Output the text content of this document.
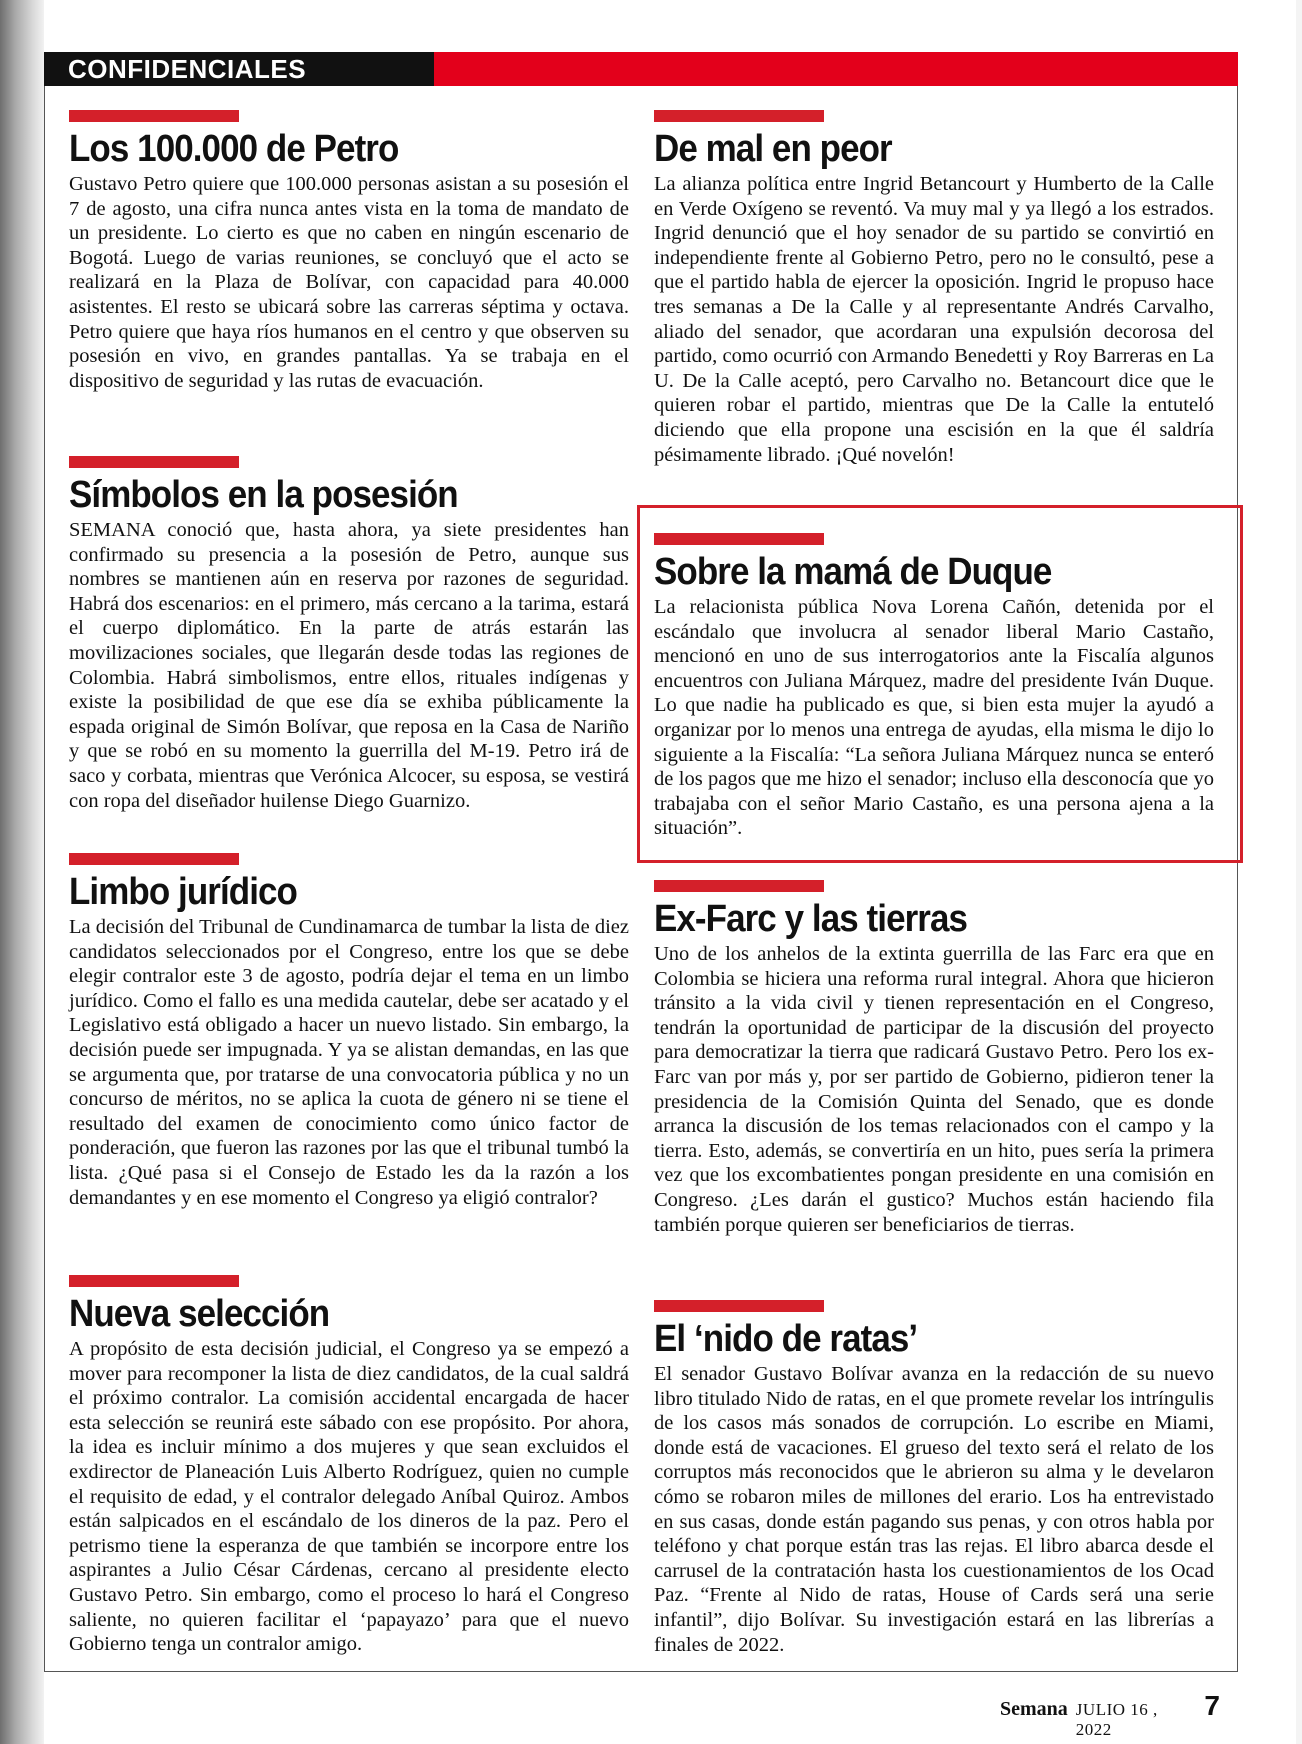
CONFIDENCIALES
Los 100.000 de Petro

Gustavo Petro quiere que 100.000 personas asistan a su posesión el 7 de agosto, una cifra nunca antes vista en la toma de mandato de un presidente. Lo cierto es que no caben en ningún escenario de Bogotá. Luego de varias reuniones, se concluyó que el acto se realizará en la Plaza de Bolívar, con capacidad para 40.000 asistentes. El resto se ubicará sobre las carreras séptima y octava. Petro quiere que haya ríos humanos en el centro y que observen su posesión en vivo, en grandes pantallas. Ya se trabaja en el dispositivo de seguridad y las rutas de evacuación.

Símbolos en la posesión

SEMANA conoció que, hasta ahora, ya siete presidentes han confirmado su presencia a la posesión de Petro, aunque sus nombres se mantienen aún en reserva por razones de seguridad. Habrá dos escenarios: en el primero, más cercano a la tarima, estará el cuerpo diplomático. En la parte de atrás estarán las movilizaciones sociales, que llegarán desde todas las regiones de Colombia. Habrá simbolismos, entre ellos, rituales indígenas y existe la posibilidad de que ese día se exhiba públicamente la espada original de Simón Bolívar, que reposa en la Casa de Nariño y que se robó en su momento la guerrilla del M-19. Petro irá de saco y corbata, mientras que Verónica Alcocer, su esposa, se vestirá con ropa del diseñador huilense Diego Guarnizo.

Limbo jurídico

La decisión del Tribunal de Cundinamarca de tumbar la lista de diez candidatos seleccionados por el Congreso, entre los que se debe elegir contralor este 3 de agosto, podría dejar el tema en un limbo jurídico. Como el fallo es una medida cautelar, debe ser acatado y el Legislativo está obligado a hacer un nuevo listado. Sin embargo, la decisión puede ser impugnada. Y ya se alistan demandas, en las que se argumenta que, por tratarse de una convocatoria pública y no un concurso de méritos, no se aplica la cuota de género ni se tiene el resultado del examen de conocimiento como único factor de ponderación, que fueron las razones por las que el tribunal tumbó la lista. ¿Qué pasa si el Consejo de Estado les da la razón a los demandantes y en ese momento el Congreso ya eligió contralor?

Nueva selección

A propósito de esta decisión judicial, el Congreso ya se empezó a mover para recomponer la lista de diez candidatos, de la cual saldrá el próximo contralor. La comisión accidental encargada de hacer esta selección se reunirá este sábado con ese propósito. Por ahora, la idea es incluir mínimo a dos mujeres y que sean excluidos el exdirector de Planeación Luis Alberto Rodríguez, quien no cumple el requisito de edad, y el contralor delegado Aníbal Quiroz. Ambos están salpicados en el escándalo de los dineros de la paz. Pero el petrismo tiene la esperanza de que también se incorpore entre los aspirantes a Julio César Cárdenas, cercano al presidente electo Gustavo Petro. Sin embargo, como el proceso lo hará el Congreso saliente, no quieren facilitar el ‘papayazo’ para que el nuevo Gobierno tenga un contralor amigo.

De mal en peor

La alianza política entre Ingrid Betancourt y Humberto de la Calle en Verde Oxígeno se reventó. Va muy mal y ya llegó a los estrados. Ingrid denunció que el hoy senador de su partido se convirtió en independiente frente al Gobierno Petro, pero no le consultó, pese a que el partido habla de ejercer la oposición. Ingrid le propuso hace tres semanas a De la Calle y al representante Andrés Carvalho, aliado del senador, que acordaran una expulsión decorosa del partido, como ocurrió con Armando Benedetti y Roy Barreras en La U. De la Calle aceptó, pero Carvalho no. Betancourt dice que le quieren robar el partido, mientras que De la Calle la entuteló diciendo que ella propone una escisión en la que él saldría pésimamente librado. ¡Qué novelón!

Sobre la mamá de Duque

La relacionista pública Nova Lorena Cañón, detenida por el escándalo que involucra al senador liberal Mario Castaño, mencionó en uno de sus interrogatorios ante la Fiscalía algunos encuentros con Juliana Márquez, madre del presidente Iván Duque. Lo que nadie ha publicado es que, si bien esta mujer la ayudó a organizar por lo menos una entrega de ayudas, ella misma le dijo lo siguiente a la Fiscalía: “La señora Juliana Márquez nunca se enteró de los pagos que me hizo el senador; incluso ella desconocía que yo trabajaba con el señor Mario Castaño, es una persona ajena a la situación”.

Ex-Farc y las tierras

Uno de los anhelos de la extinta guerrilla de las Farc era que en Colombia se hiciera una reforma rural integral. Ahora que hicieron tránsito a la vida civil y tienen representación en el Congreso, tendrán la oportunidad de participar de la discusión del proyecto para democratizar la tierra que radicará Gustavo Petro. Pero los ex-Farc van por más y, por ser partido de Gobierno, pidieron tener la presidencia de la Comisión Quinta del Senado, que es donde arranca la discusión de los temas relacionados con el campo y la tierra. Esto, además, se convertiría en un hito, pues sería la primera vez que los excombatientes pongan presidente en una comisión en Congreso. ¿Les darán el gustico? Muchos están haciendo fila también porque quieren ser beneficiarios de tierras.

El ‘nido de ratas’

El senador Gustavo Bolívar avanza en la redacción de su nuevo libro titulado Nido de ratas, en el que promete revelar los intríngulis de los casos más sonados de corrupción. Lo escribe en Miami, donde está de vacaciones. El grueso del texto será el relato de los corruptos más reconocidos que le abrieron su alma y le develaron cómo se robaron miles de millones del erario. Los ha entrevistado en sus casas, donde están pagando sus penas, y con otros habla por teléfono y chat porque están tras las rejas. El libro abarca desde el carrusel de la contratación hasta los cuestionamientos de los Ocad Paz. “Frente al Nido de ratas, House of Cards será una serie infantil”, dijo Bolívar. Su investigación estará en las librerías a finales de 2022.

Semana JULIO 16 , 2022
7
